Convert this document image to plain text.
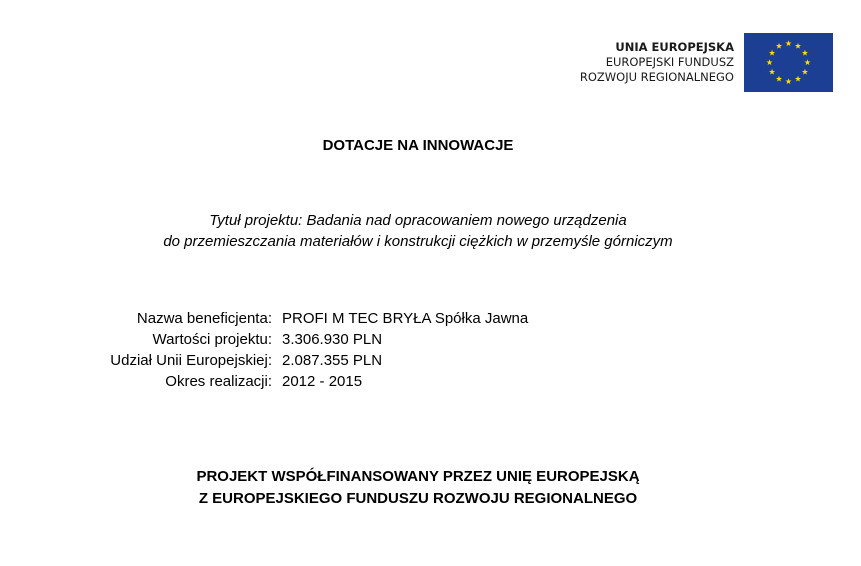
UNIA EUROPEJSKA
EUROPEJSKI FUNDUSZ
ROZWOJU REGIONALNEGO
DOTACJE NA INNOWACJE
Tytuł projektu: Badania nad opracowaniem nowego urządzenia
do przemieszczania materiałów i konstrukcji ciężkich w przemyśle górniczym
Nazwa beneficjenta: PROFI M TEC BRYŁA Spółka Jawna
Wartości projektu: 3.306.930 PLN
Udział Unii Europejskiej: 2.087.355 PLN
Okres realizacji: 2012 - 2015
PROJEKT WSPÓŁFINANSOWANY PRZEZ UNIĘ EUROPEJSKĄ
Z EUROPEJSKIEGO FUNDUSZU ROZWOJU REGIONALNEGO
